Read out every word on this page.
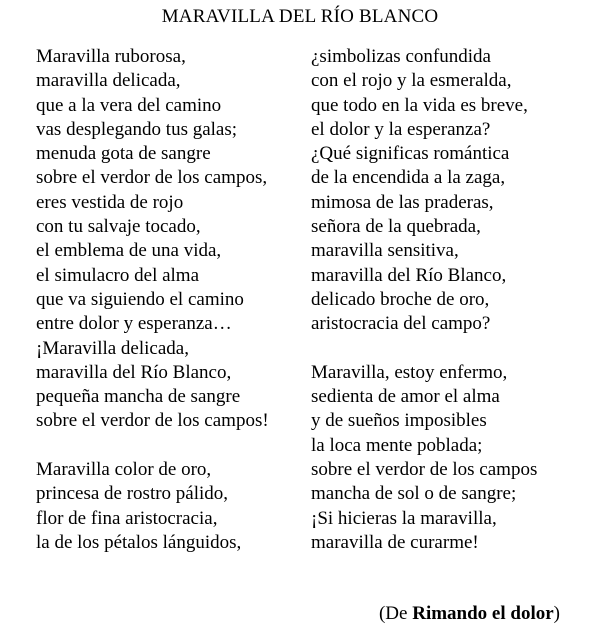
MARAVILLA DEL RÍO BLANCO
Maravilla ruborosa,
maravilla delicada,
que a la vera del camino
vas desplegando tus galas;
menuda gota de sangre
sobre el verdor de los campos,
eres vestida de rojo
con tu salvaje tocado,
el emblema de una vida,
el simulacro del alma
que va siguiendo el camino
entre dolor y esperanza…
¡Maravilla delicada,
maravilla del Río Blanco,
pequeña mancha de sangre
sobre el verdor de los campos!
Maravilla color de oro,
princesa de rostro pálido,
flor de fina aristocracia,
la de los pétalos lánguidos,
¿simbolizas confundida
con el rojo y la esmeralda,
que todo en la vida es breve,
el dolor y la esperanza?
¿Qué significas romántica
de la encendida a la zaga,
mimosa de las praderas,
señora de la quebrada,
maravilla sensitiva,
maravilla del Río Blanco,
delicado broche de oro,
aristocracia del campo?
Maravilla, estoy enfermo,
sedienta de amor el alma
y de sueños imposibles
la loca mente poblada;
sobre el verdor de los campos
mancha de sol o de sangre;
¡Si hicieras la maravilla,
maravilla de curarme!
(De Rimando el dolor)
